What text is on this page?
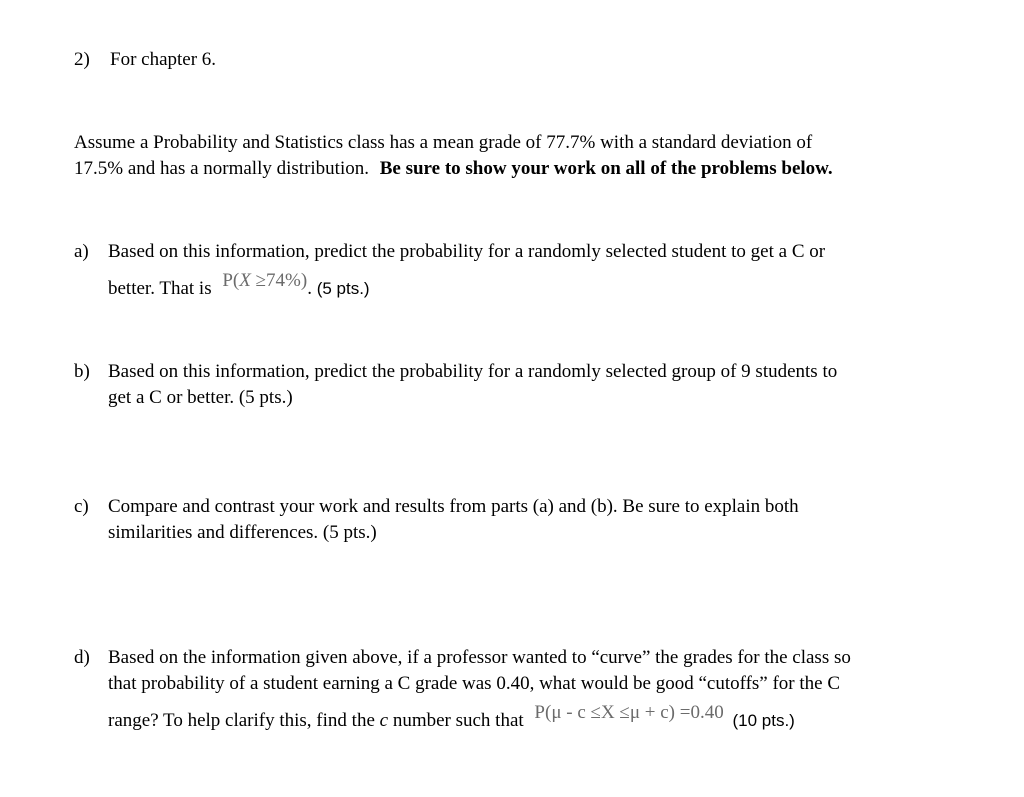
2) For chapter 6.
Assume a Probability and Statistics class has a mean grade of 77.7% with a standard deviation of
17.5% and has a normally distribution. Be sure to show your work on all of the problems below.
a) Based on this information, predict the probability for a randomly selected student to get a C or
better. That is P(X ≥74%). (5 pts.)
b) Based on this information, predict the probability for a randomly selected group of 9 students to
get a C or better. (5 pts.)
c) Compare and contrast your work and results from parts (a) and (b). Be sure to explain both
similarities and differences. (5 pts.)
d) Based on the information given above, if a professor wanted to “curve” the grades for the class so
that probability of a student earning a C grade was 0.40, what would be good “cutoffs” for the C
range? To help clarify this, find the c number such that P(μ - c ≤X ≤μ + c) =0.40 (10 pts.)
